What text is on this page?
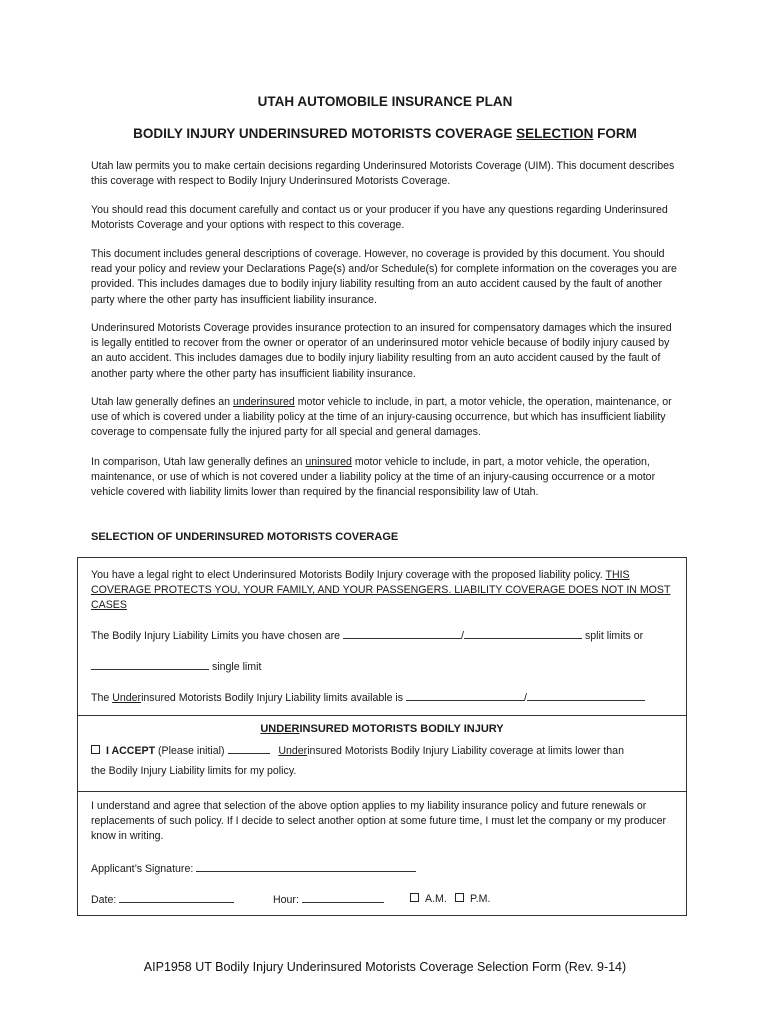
UTAH AUTOMOBILE INSURANCE PLAN
BODILY INJURY UNDERINSURED MOTORISTS COVERAGE SELECTION FORM

Utah law permits you to make certain decisions regarding Underinsured Motorists Coverage (UIM). This document describes this coverage with respect to Bodily Injury Underinsured Motorists Coverage.

You should read this document carefully and contact us or your producer if you have any questions regarding Underinsured Motorists Coverage and your options with respect to this coverage.

This document includes general descriptions of coverage. However, no coverage is provided by this document. You should read your policy and review your Declarations Page(s) and/or Schedule(s) for complete information on the coverages you are provided. This includes damages due to bodily injury liability resulting from an auto accident caused by the fault of another party where the other party has insufficient liability insurance.

Underinsured Motorists Coverage provides insurance protection to an insured for compensatory damages which the insured is legally entitled to recover from the owner or operator of an underinsured motor vehicle because of bodily injury caused by an auto accident. This includes damages due to bodily injury liability resulting from an auto accident caused by the fault of another party where the other party has insufficient liability insurance.

Utah law generally defines an underinsured motor vehicle to include, in part, a motor vehicle, the operation, maintenance, or use of which is covered under a liability policy at the time of an injury-causing occurrence, but which has insufficient liability coverage to compensate fully the injured party for all special and general damages.

In comparison, Utah law generally defines an uninsured motor vehicle to include, in part, a motor vehicle, the operation, maintenance, or use of which is not covered under a liability policy at the time of an injury-causing occurrence or a motor vehicle covered with liability limits lower than required by the financial responsibility law of Utah.

SELECTION OF UNDERINSURED MOTORISTS COVERAGE

You have a legal right to elect Underinsured Motorists Bodily Injury coverage with the proposed liability policy. THIS COVERAGE PROTECTS YOU, YOUR FAMILY, AND YOUR PASSENGERS. LIABILITY COVERAGE DOES NOT IN MOST CASES

The Bodily Injury Liability Limits you have chosen are	/	split limits or
single limit
The Underinsured Motorists Bodily Injury Liability limits available is	/
UNDERINSURED MOTORISTS BODILY INJURY
I ACCEPT (Please initial)	Underinsured Motorists Bodily Injury Liability coverage at limits lower than
the Bodily Injury Liability limits for my policy.

I understand and agree that selection of the above option applies to my liability insurance policy and future renewals or replacements of such policy. If I decide to select another option at some future time, I must let the company or my producer know in writing.

Applicant’s Signature:
Date:	Hour:	A.M.	P.M.
AIP1958 UT Bodily Injury Underinsured Motorists Coverage Selection Form (Rev. 9-14)
